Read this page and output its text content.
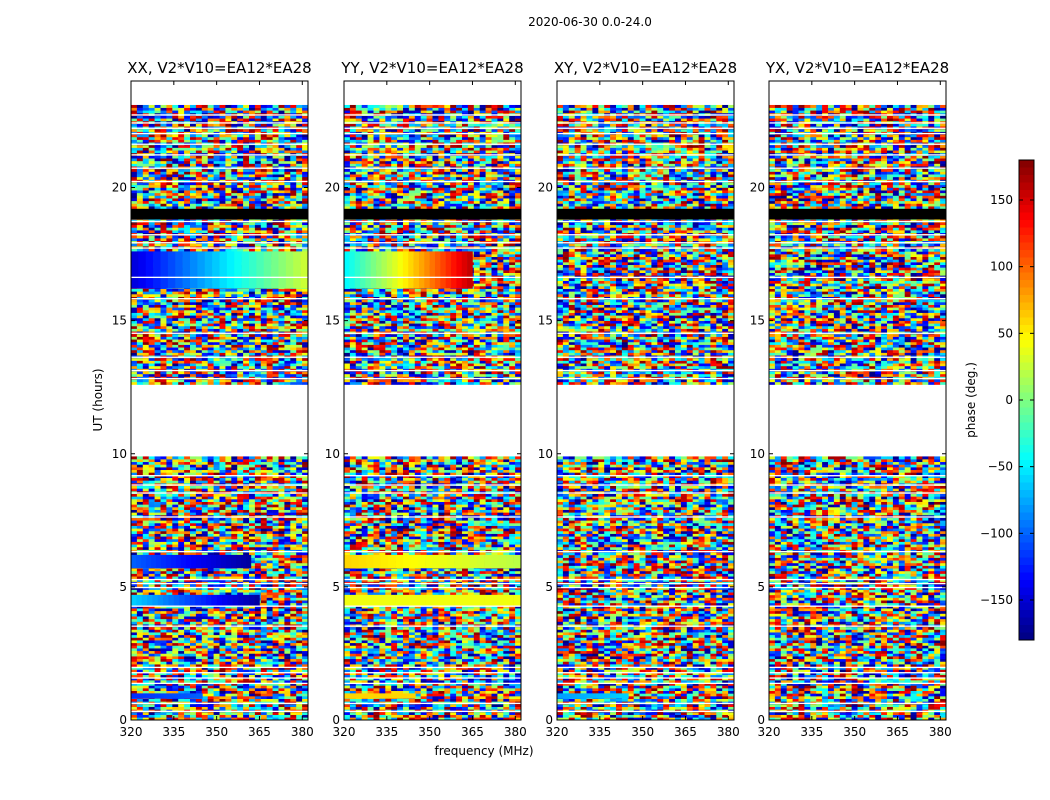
2020-06-30 0.0-24.0
frequency (MHz)
UT (hours)	phase (deg.)
XX, V2*V10=EA12*EA28
320 335 350 365 380
0
5
10
15
20
YY, V2*V10=EA12*EA28
320 335 350 365 380
0
5
10
15
20
XY, V2*V10=EA12*EA28
320 335 350 365 380
0
5
10
15
20
YX, V2*V10=EA12*EA28
320 335 350 365 380
0
5
10
15
20
−150
−100
−50
0
50
100
150
